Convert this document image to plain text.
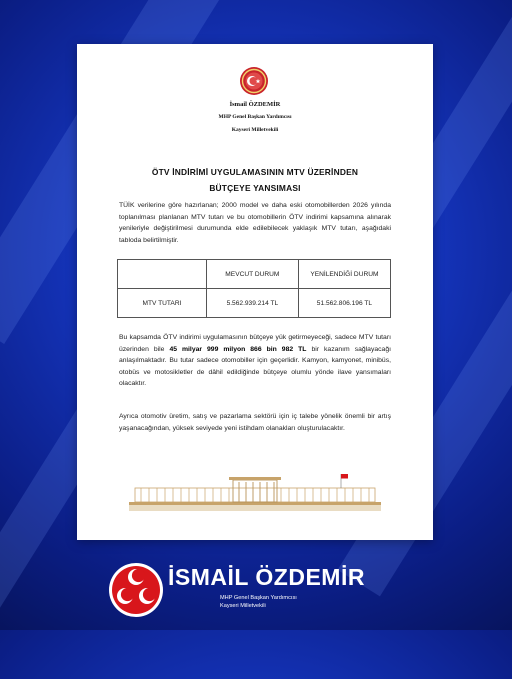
İsmail ÖZDEMİR
MHP Genel Başkan Yardımcısı
Kayseri Milletvekili
ÖTV İNDİRİMİ UYGULAMASININ MTV ÜZERİNDEN
BÜTÇEYE YANSIMASI
TÜİK verilerine göre hazırlanan; 2000 model ve daha eski otomobillerden 2026 yılında toplanılması planlanan MTV tutarı ve bu otomobillerin ÖTV indirimi kapsamına alınarak yenileriyle değiştirilmesi durumunda elde edilebilecek yaklaşık MTV tutarı, aşağıdaki tabloda belirtilmiştir.
	MEVCUT DURUM	YENİLENDİĞİ DURUM
MTV TUTARI	5.562.939.214 TL	51.562.806.196 TL
Bu kapsamda ÖTV indirimi uygulamasının bütçeye yük getirmeyeceği, sadece MTV tutarı üzerinden bile 45 milyar 999 milyon 866 bin 982 TL bir kazanım sağlayacağı anlaşılmaktadır. Bu tutar sadece otomobiller için geçerlidir. Kamyon, kamyonet, minibüs, otobüs ve motosikletler de dâhil edildiğinde bütçeye olumlu yönde ilave yansımaları olacaktır.
Ayrıca otomotiv üretim, satış ve pazarlama sektörü için iç talebe yönelik önemli bir artış yaşanacağından, yüksek seviyede yeni istihdam olanakları oluşturulacaktır.
İSMAİL ÖZDEMİR
MHP Genel Başkan Yardımcısı
Kayseri Milletvekili
